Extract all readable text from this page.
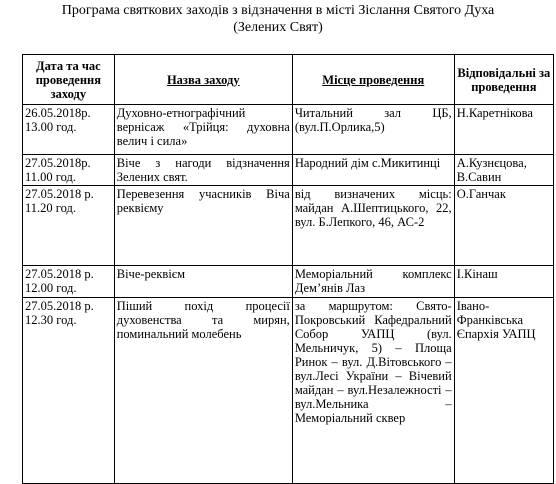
Програма святкових заходів з відзначення в місті Зіслання Святого Духа
(Зелених Свят)
Дата та час проведення заходу	Назва заходу	Місце проведення	Відповідальні за проведення
26.05.2018р. 13.00 год.	Духовно-етнографічний вернісаж «Трійця: духовна велич і сила»	Читальний зал ЦБ, (вул.П.Орлика,5)	Н.Каретнікова
27.05.2018р. 11.00 год.	Віче з нагоди відзначення Зелених свят.	Народний дім с.Микитинці	А.Кузнєцова, В.Савин
27.05.2018 р. 11.20 год.	Перевезення учасників Віча реквієму	від визначених місць: майдан А.Шептицького, 22, вул. Б.Лепкого, 46, АС-2	О.Ганчак
27.05.2018 р. 12.00 год.	Віче-реквієм	Меморіальний комплекс Дем’янів Лаз	І.Кінаш
27.05.2018 р. 12.30 год.	Піший похід процесії духовенства та мирян, поминальний молебень	за маршрутом: Свято-Покровський Кафедральний Собор УАПЦ (вул. Мельничук, 5) – Площа Ринок – вул. Д.Вітовського – вул.Лесі України – Вічевий майдан – вул.Незалежності – вул.Мельника – Меморіальний сквер	Івано-Франківська Єпархія УАПЦ
